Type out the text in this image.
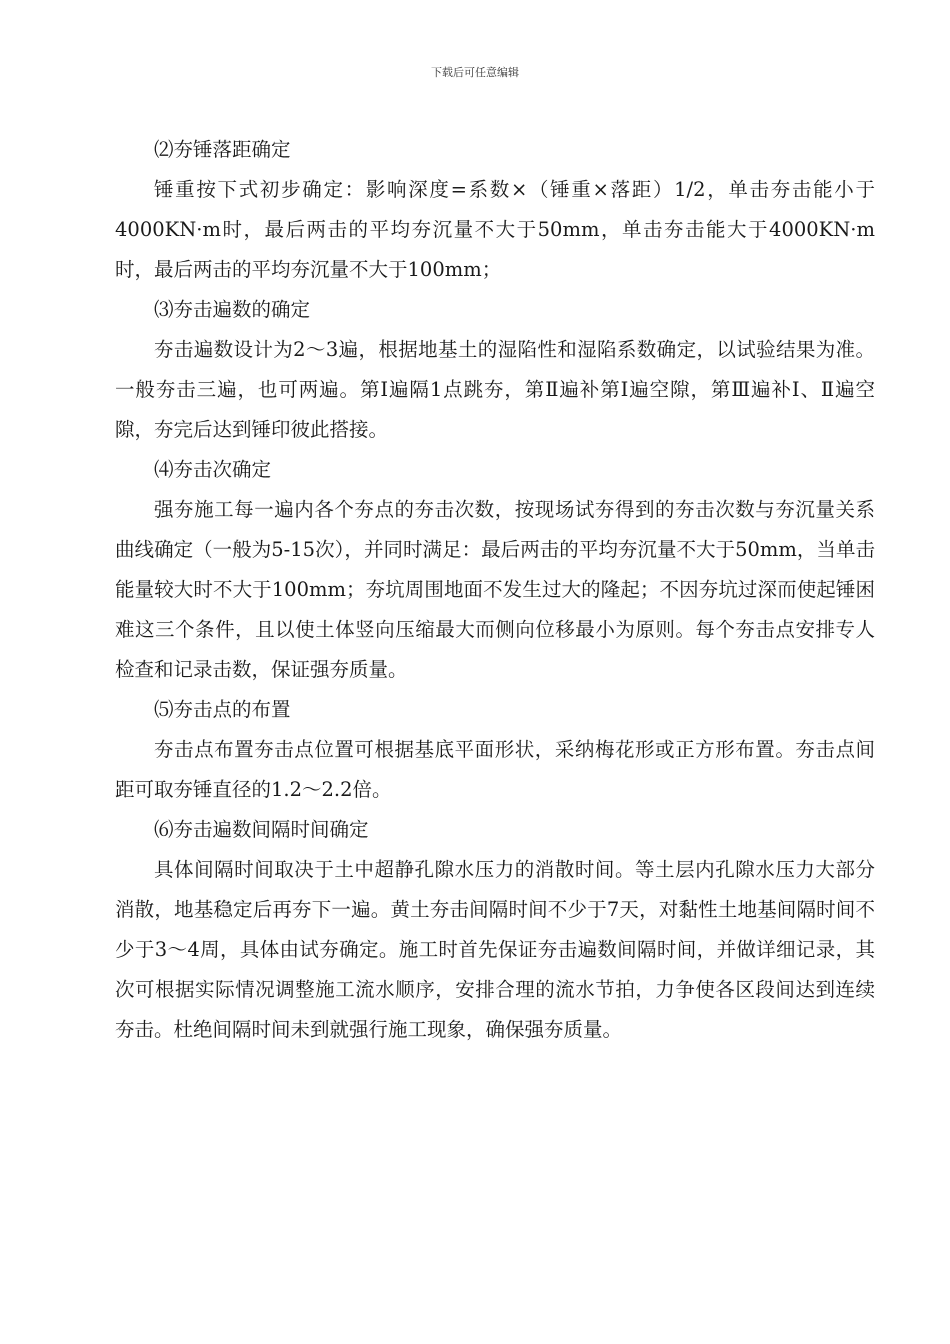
下载后可任意编辑

⑵夯锤落距确定

锤重按下式初步确定：影响深度=系数×（锤重×落距）1/2，单击夯击能小于4000KN·m时，最后两击的平均夯沉量不大于50mm，单击夯击能大于4000KN·m时，最后两击的平均夯沉量不大于100mm；

⑶夯击遍数的确定

夯击遍数设计为2～3遍，根据地基土的湿陷性和湿陷系数确定，以试验结果为准。一般夯击三遍，也可两遍。第Ⅰ遍隔1点跳夯，第Ⅱ遍补第Ⅰ遍空隙，第Ⅲ遍补Ⅰ、Ⅱ遍空隙，夯完后达到锤印彼此搭接。

⑷夯击次确定

强夯施工每一遍内各个夯点的夯击次数，按现场试夯得到的夯击次数与夯沉量关系曲线确定（一般为5-15次），并同时满足：最后两击的平均夯沉量不大于50mm，当单击能量较大时不大于100mm；夯坑周围地面不发生过大的隆起；不因夯坑过深而使起锤困难这三个条件，且以使土体竖向压缩最大而侧向位移最小为原则。每个夯击点安排专人检查和记录击数，保证强夯质量。

⑸夯击点的布置

夯击点布置夯击点位置可根据基底平面形状，采纳梅花形或正方形布置。夯击点间距可取夯锤直径的1.2～2.2倍。

⑹夯击遍数间隔时间确定

具体间隔时间取决于土中超静孔隙水压力的消散时间。等土层内孔隙水压力大部分消散，地基稳定后再夯下一遍。黄土夯击间隔时间不少于7天，对黏性土地基间隔时间不少于3～4周，具体由试夯确定。施工时首先保证夯击遍数间隔时间，并做详细记录，其次可根据实际情况调整施工流水顺序，安排合理的流水节拍，力争使各区段间达到连续夯击。杜绝间隔时间未到就强行施工现象，确保强夯质量。
